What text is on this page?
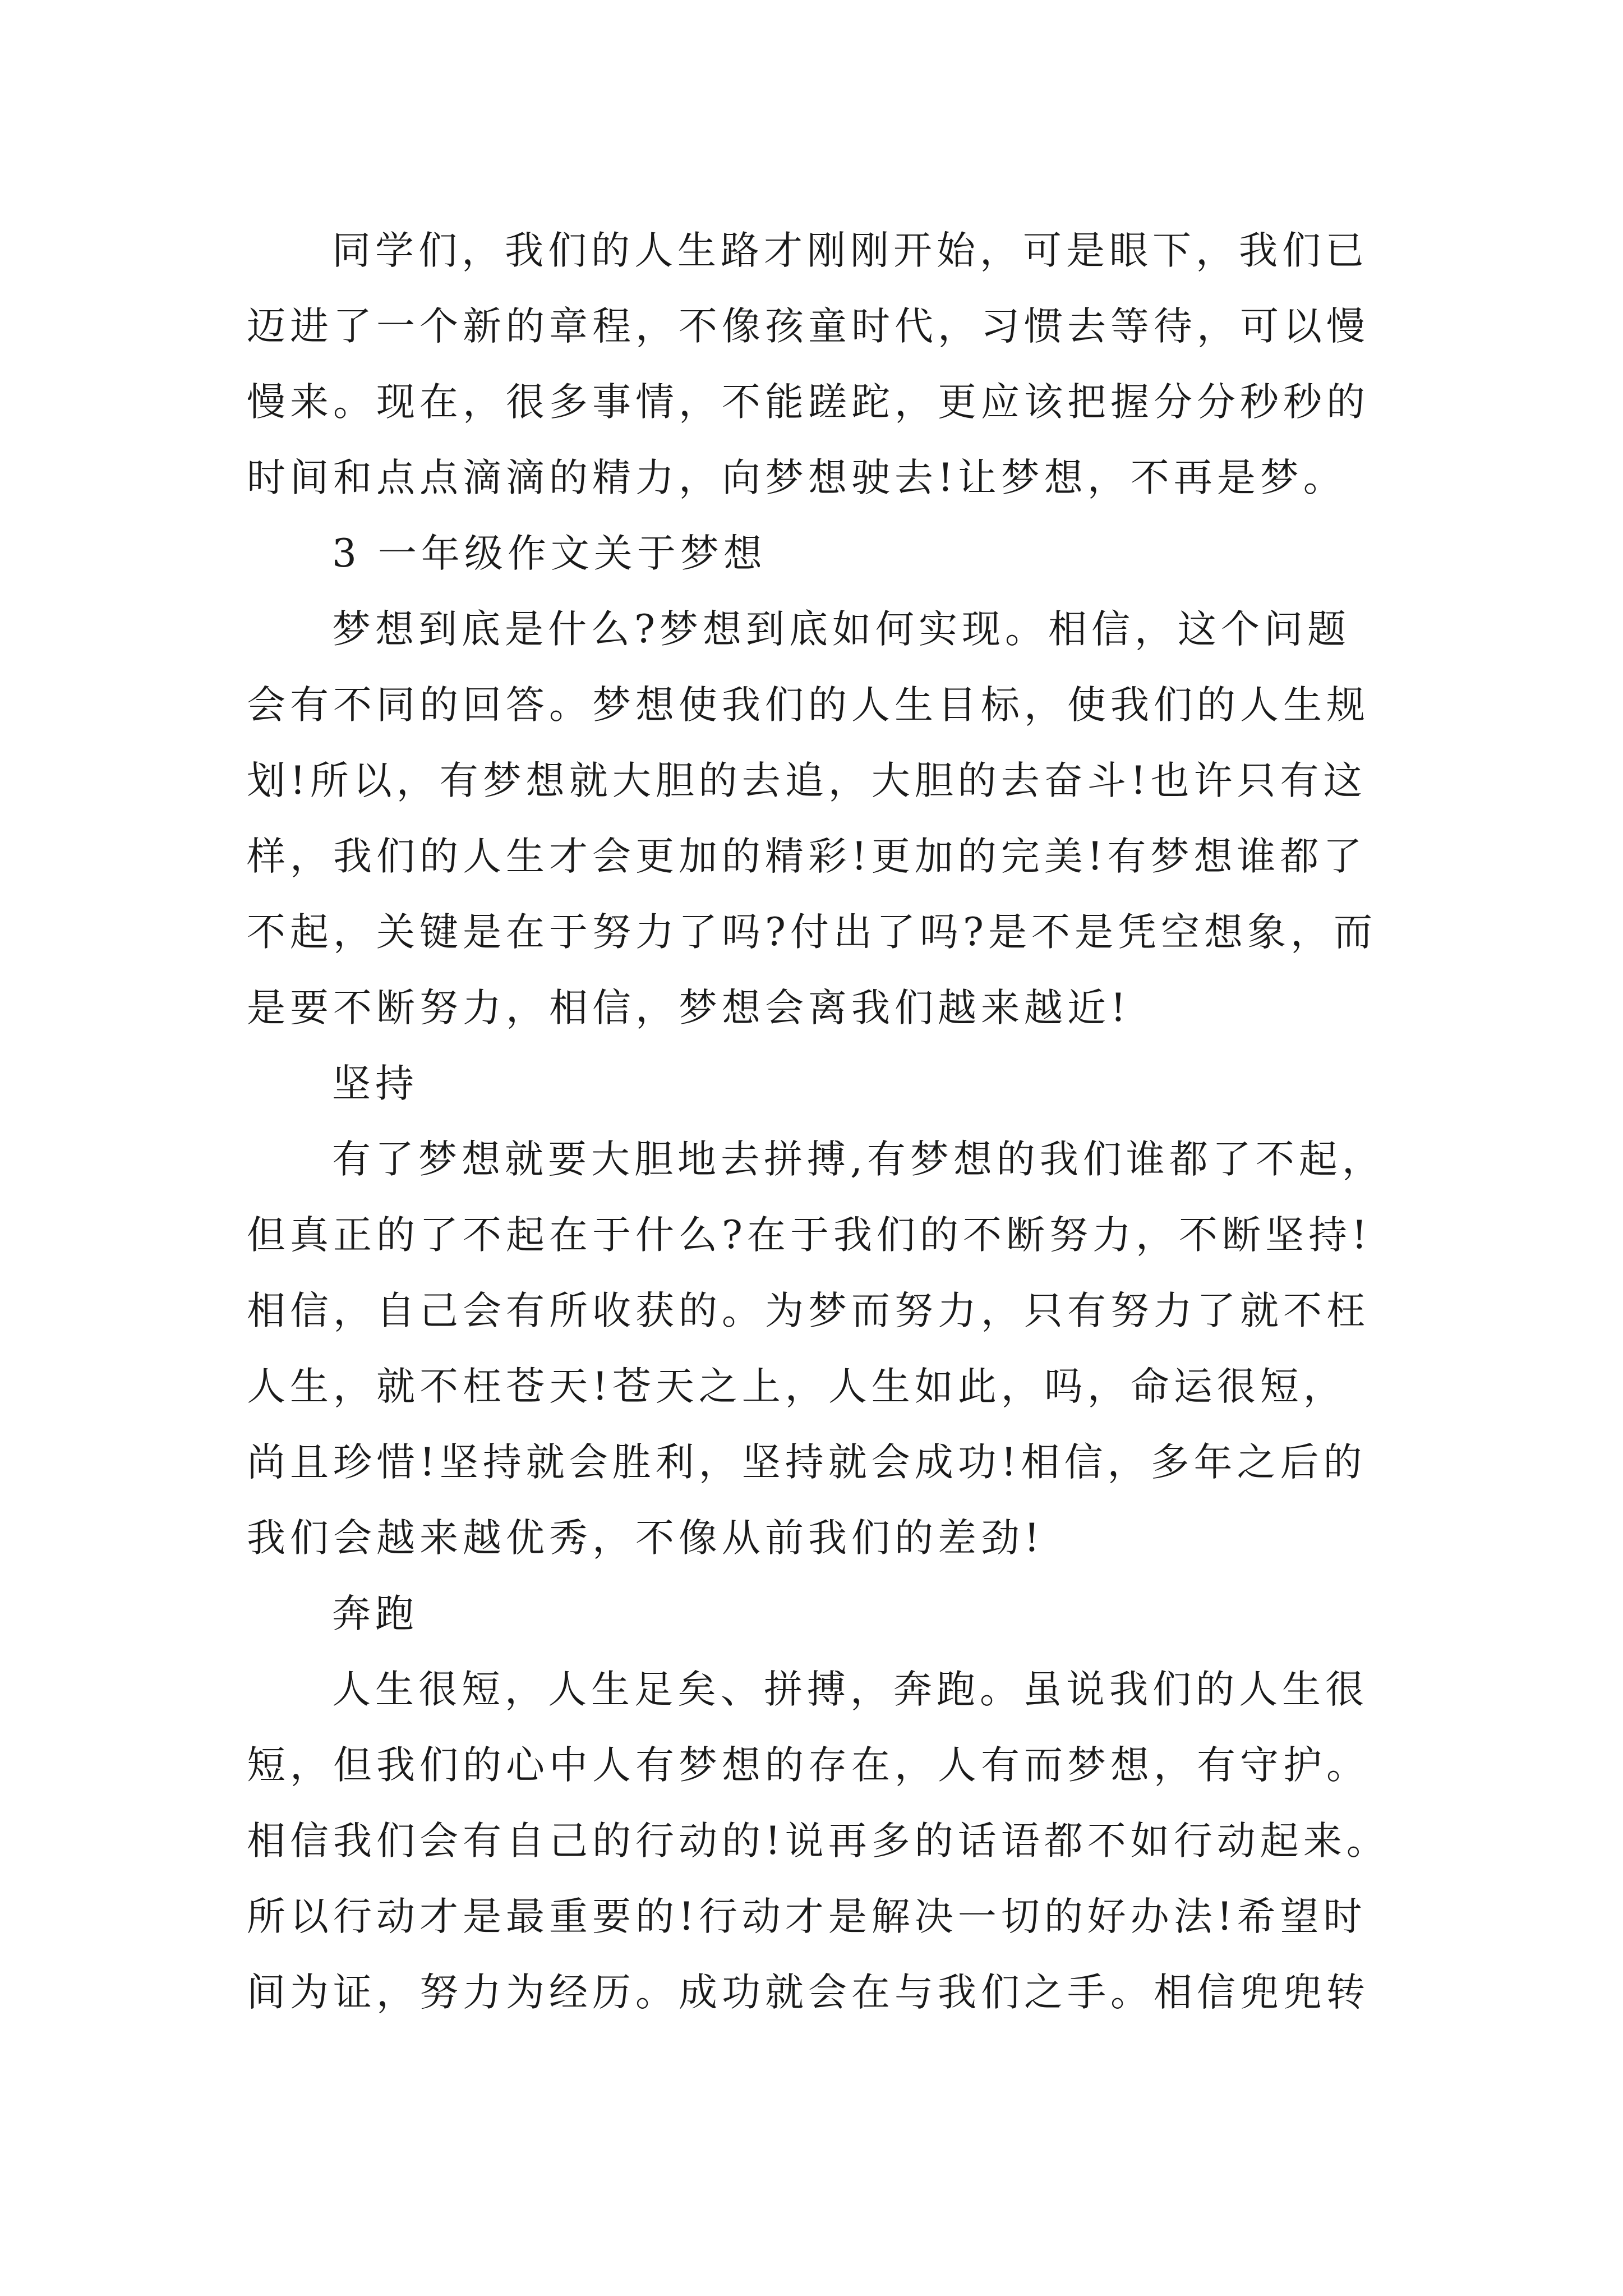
同学们，我们的人生路才刚刚开始，可是眼下，我们已
迈进了一个新的章程，不像孩童时代，习惯去等待，可以慢
慢来。现在，很多事情，不能蹉跎，更应该把握分分秒秒的
时间和点点滴滴的精力，向梦想驶去!让梦想，不再是梦。
3 一年级作文关于梦想
梦想到底是什么?梦想到底如何实现。相信，这个问题
会有不同的回答。梦想使我们的人生目标，使我们的人生规
划!所以，有梦想就大胆的去追，大胆的去奋斗!也许只有这
样，我们的人生才会更加的精彩!更加的完美!有梦想谁都了
不起，关键是在于努力了吗?付出了吗?是不是凭空想象，而
是要不断努力，相信，梦想会离我们越来越近!
坚持
有了梦想就要大胆地去拼搏,有梦想的我们谁都了不起，
但真正的了不起在于什么?在于我们的不断努力，不断坚持!
相信，自己会有所收获的。为梦而努力，只有努力了就不枉
人生，就不枉苍天!苍天之上，人生如此，吗，命运很短，
尚且珍惜!坚持就会胜利，坚持就会成功!相信，多年之后的
我们会越来越优秀，不像从前我们的差劲!
奔跑
人生很短，人生足矣、拼搏，奔跑。虽说我们的人生很
短，但我们的心中人有梦想的存在，人有而梦想，有守护。
相信我们会有自己的行动的!说再多的话语都不如行动起来。
所以行动才是最重要的!行动才是解决一切的好办法!希望时
间为证，努力为经历。成功就会在与我们之手。相信兜兜转
